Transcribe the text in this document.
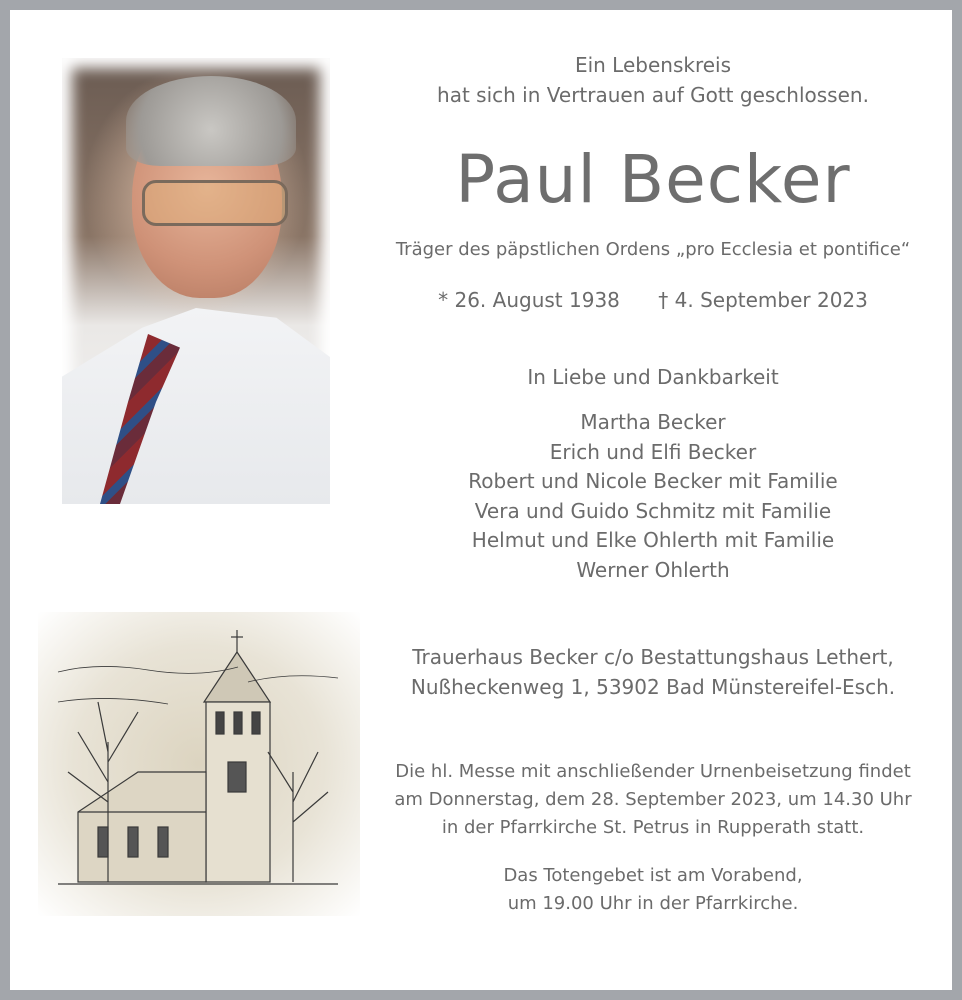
Ein Lebenskreis
hat sich in Vertrauen auf Gott geschlossen.
Paul Becker
Träger des päpstlichen Ordens „pro Ecclesia et pontifice“
* 26. August 1938 † 4. September 2023
In Liebe und Dankbarkeit
Martha Becker
Erich und Elfi Becker
Robert und Nicole Becker mit Familie
Vera und Guido Schmitz mit Familie
Helmut und Elke Ohlerth mit Familie
Werner Ohlerth
Trauerhaus Becker c/o Bestattungshaus Lethert,
Nußheckenweg 1, 53902 Bad Münstereifel-Esch.
Die hl. Messe mit anschließender Urnenbeisetzung findet
am Donnerstag, dem 28. September 2023, um 14.30 Uhr
in der Pfarrkirche St. Petrus in Rupperath statt.
Das Totengebet ist am Vorabend,
um 19.00 Uhr in der Pfarrkirche.
